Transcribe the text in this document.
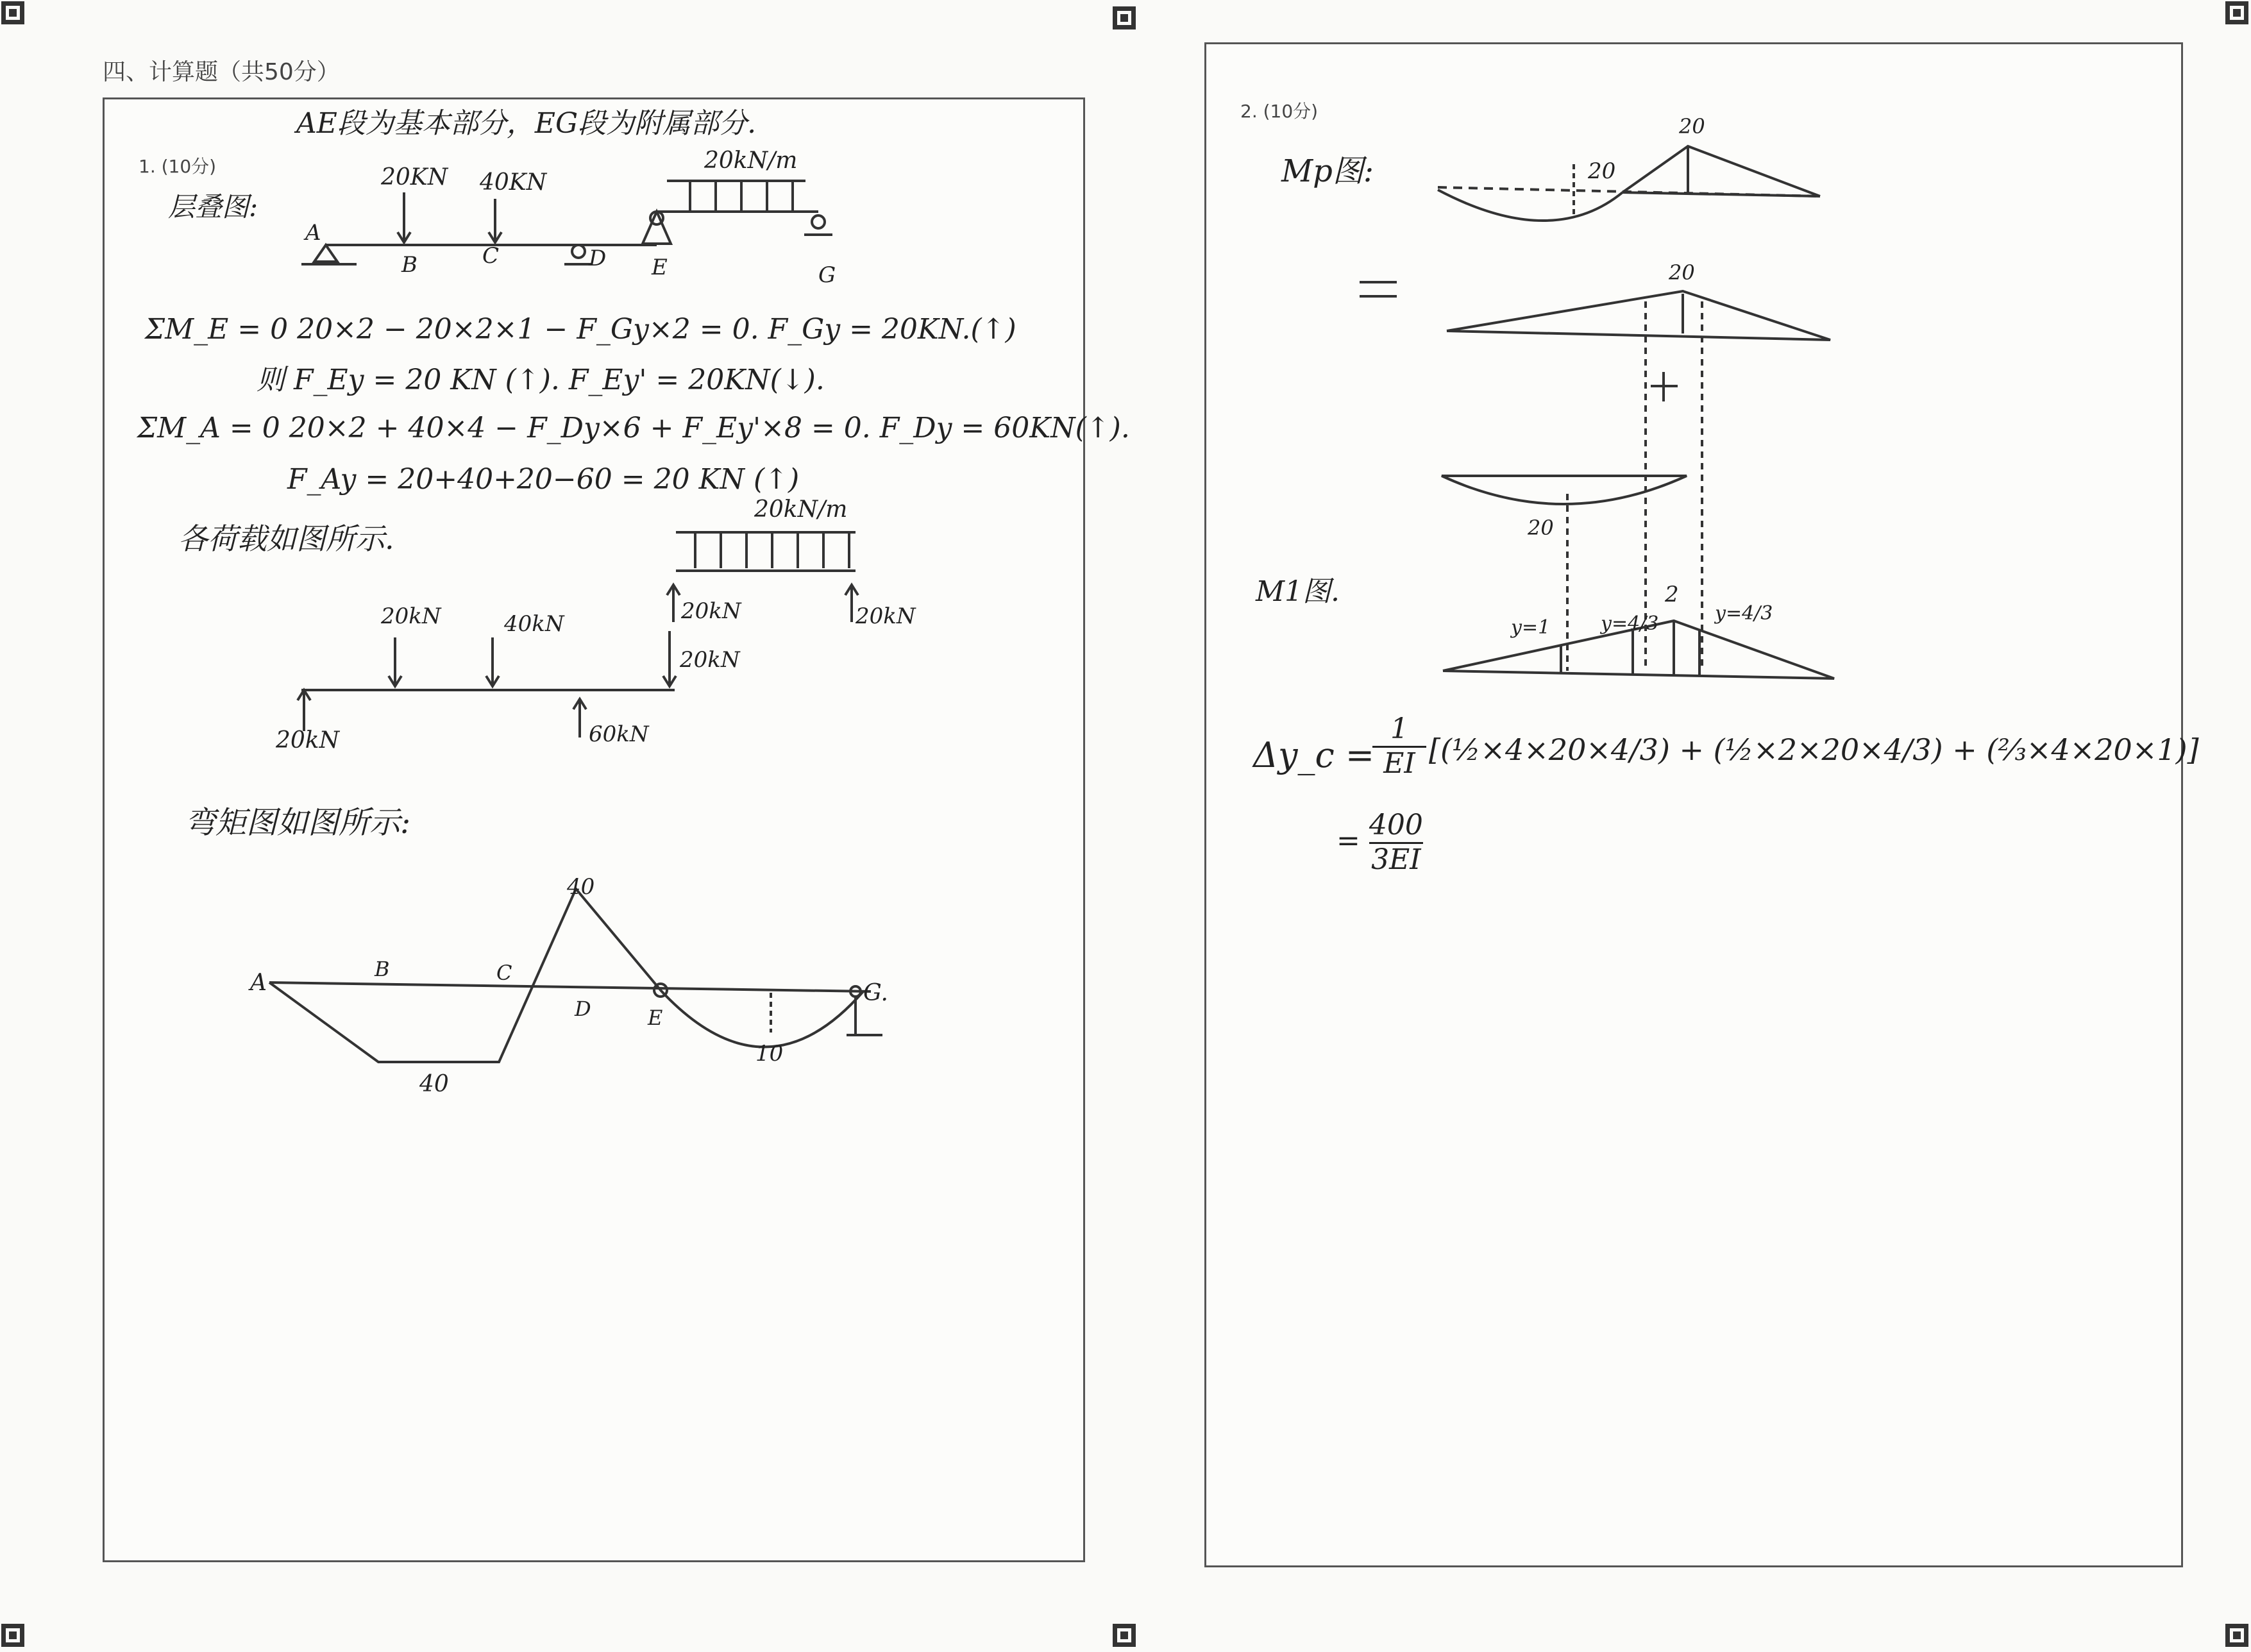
四、计算题（共50分）
1. (10分)
AE段为基本部分，EG段为附属部分.
层叠图:
ΣM_E = 0 20×2 − 20×2×1 − F_Gy×2 = 0. F_Gy = 20KN.(↑)
则 F_Ey = 20 KN (↑). F_Ey' = 20KN(↓).
ΣM_A = 0 20×2 + 40×4 − F_Dy×6 + F_Ey'×8 = 0. F_Dy = 60KN(↑).
F_Ay = 20+40+20−60 = 20 KN (↑)
各荷载如图所示.
弯矩图如图所示:
2. (10分)
Mp图:
M1图.
Δy_c =
$\frac{1}{EI}$ [(½×4×20×4/3) + (½×2×20×4/3) + (⅔×4×20×1)]
= $\frac{400}{3EI}$
20KN 40KN
20kN/m
A
B	C	D E	G
20kN/m
20kN	20kN
20kN
20kN	40kN
20kN	60kN
40
40
10
A
B	C
D	E
G.
20
20
20
20
y=1	y=4/3
2
y=4/3
